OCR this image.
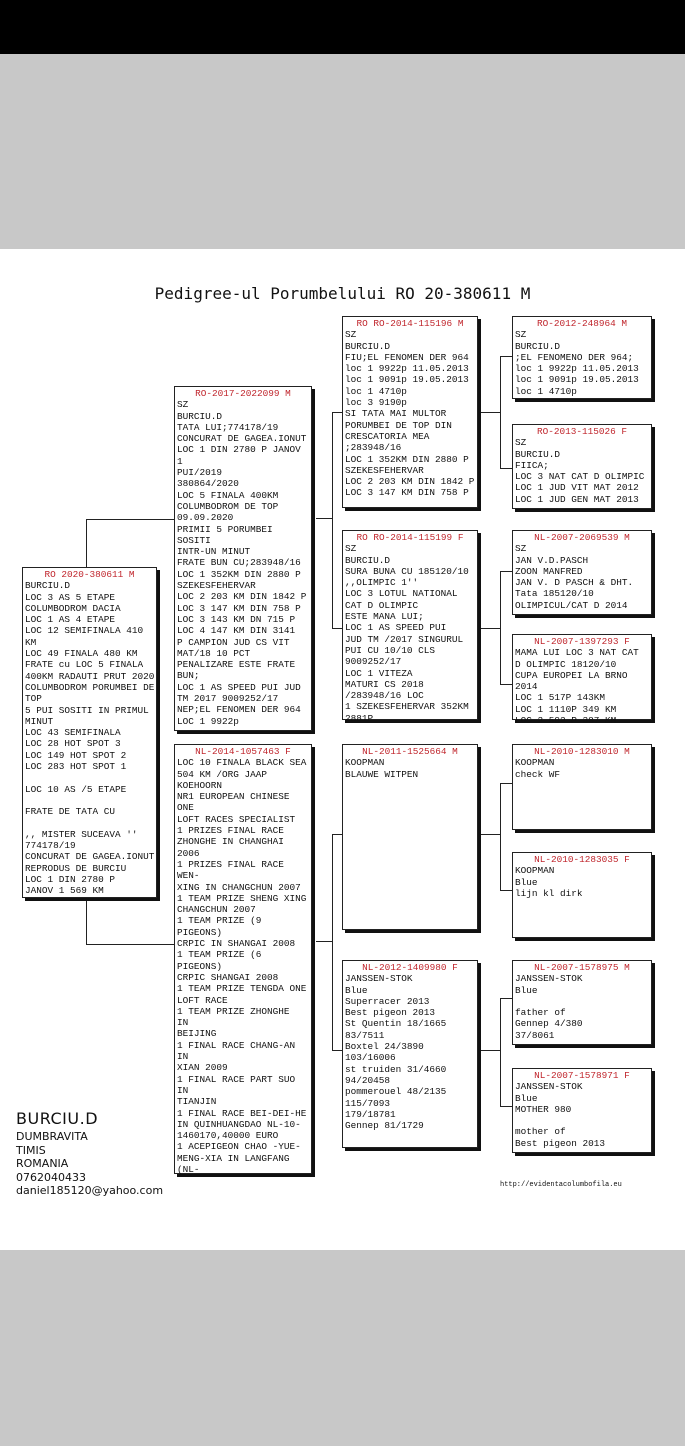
Pedigree-ul Porumbelului RO 20-380611 M
RO 2020-380611 M
BURCIU.D
LOC 3 AS 5 ETAPE
COLUMBODROM DACIA
LOC 1 AS 4 ETAPE
LOC 12 SEMIFINALA 410
KM
LOC 49 FINALA 480 KM
FRATE cu LOC 5 FINALA
400KM RADAUTI PRUT 2020
COLUMBODROM PORUMBEI DE
TOP
5 PUI SOSITI IN PRIMUL
MINUT
LOC 43 SEMIFINALA
LOC 28 HOT SPOT 3
LOC 149 HOT SPOT 2
LOC 283 HOT SPOT 1

LOC 10 AS /5 ETAPE

FRATE DE TATA CU

,, MISTER SUCEAVA ''
774178/19
CONCURAT DE GAGEA.IONUT
REPRODUS DE BURCIU
LOC 1 DIN 2780 P
JANOV 1 569 KM
RO-2017-2022099 M
SZ
BURCIU.D
TATA LUI;774178/19
CONCURAT DE GAGEA.IONUT
LOC 1 DIN 2780 P JANOV
1
PUI/2019
380864/2020
LOC 5 FINALA 400KM
COLUMBODROM DE TOP
09.09.2020
PRIMII 5 PORUMBEI
SOSITI
INTR-UN MINUT
FRATE BUN CU;283948/16
LOC 1 352KM DIN 2880 P
SZEKESFEHERVAR
LOC 2 203 KM DIN 1842 P
LOC 3 147 KM DIN 758 P
LOC 3 143 KM DN 715 P
LOC 4 147 KM DIN 3141
P CAMPION JUD CS VIT
MAT/18 10 PCT
PENALIZARE ESTE FRATE
BUN;
LOC 1 AS SPEED PUI JUD
TM 2017 9009252/17
NEP;EL FENOMEN DER 964
LOC 1 9922p
NL-2014-1057463 F
LOC 10 FINALA BLACK SEA
504 KM /ORG JAAP
KOEHOORN
NR1 EUROPEAN CHINESE
ONE
LOFT RACES SPECIALIST
1 PRIZES FINAL RACE
ZHONGHE IN CHANGHAI
2006
1 PRIZES FINAL RACE
WEN-
XING IN CHANGCHUN 2007
1 TEAM PRIZE SHENG XING
CHANGCHUN 2007
1 TEAM PRIZE (9
PIGEONS)
CRPIC IN SHANGAI 2008
1 TEAM PRIZE (6
PIGEONS)
CRPIC SHANGAI 2008
1 TEAM PRIZE TENGDA ONE
LOFT RACE
1 TEAM PRIZE ZHONGHE
IN
BEIJING
1 FINAL RACE CHANG-AN
IN
XIAN 2009
1 FINAL RACE PART SUO
IN
TIANJIN
1 FINAL RACE BEI-DEI-HE
IN QUINHUANGDAO NL-10-
1460170,40000 EURO
1 ACEPIGEON CHAO -YUE-
MENG-XIA IN LANGFANG
(NL-
RO RO-2014-115196 M
SZ
BURCIU.D
FIU;EL FENOMEN DER 964
loc 1 9922p 11.05.2013
loc 1 9091p 19.05.2013
loc 1 4710p
loc 3 9190p
SI TATA MAI MULTOR
PORUMBEI DE TOP DIN
CRESCATORIA MEA
;283948/16
LOC 1 352KM DIN 2880 P
SZEKESFEHERVAR
LOC 2 203 KM DIN 1842 P
LOC 3 147 KM DIN 758 P
RO RO-2014-115199 F
SZ
BURCIU.D
SURA BUNA CU 185120/10
,,OLIMPIC 1''
LOC 3 LOTUL NATIONAL
CAT D OLIMPIC
ESTE MANA LUI;
LOC 1 AS SPEED PUI
JUD TM /2017 SINGURUL
PUI CU 10/10 CLS
9009252/17
LOC 1 VITEZA
MATURI CS 2018
/283948/16 LOC
1 SZEKESFEHERVAR 352KM
2881P
NL-2011-1525664 M
KOOPMAN
BLAUWE WITPEN
NL-2012-1409980 F
JANSSEN-STOK
Blue
Superracer 2013
Best pigeon 2013
St Quentin 18/1665
83/7511
Boxtel 24/3890
103/16006
st truiden 31/4660
94/20458
pommerouel 48/2135
115/7093
179/18781
Gennep 81/1729
RO-2012-248964 M
SZ
BURCIU.D
;EL FENOMENO DER 964;
loc 1 9922p 11.05.2013
loc 1 9091p 19.05.2013
loc 1 4710p
RO-2013-115026 F
SZ
BURCIU.D
FIICA;
LOC 3 NAT CAT D OLIMPIC
LOC 1 JUD VIT MAT 2012
LOC 1 JUD GEN MAT 2013
NL-2007-2069539 M
SZ
JAN V.D.PASCH
ZOON MANFRED
JAN V. D PASCH & DHT.
Tata 185120/10
OLIMPICUL/CAT D 2014
NL-2007-1397293 F
MAMA LUI LOC 3 NAT CAT
D OLIMPIC 18120/10
CUPA EUROPEI LA BRNO
2014
LOC 1 517P 143KM
LOC 1 1110P 349 KM
LOC 2 592 P 387 KM
NL-2010-1283010 M
KOOPMAN
check WF
NL-2010-1283035 F
KOOPMAN
Blue
lijn kl dirk
NL-2007-1578975 M
JANSSEN-STOK
Blue

father of
Gennep 4/380
37/8061
NL-2007-1578971 F
JANSSEN-STOK
Blue
MOTHER 980

mother of
Best pigeon 2013
BURCIU.D
DUMBRAVITA
TIMIS
ROMANIA
0762040433
daniel185120@yahoo.com	http://evidentacolumbofila.eu
